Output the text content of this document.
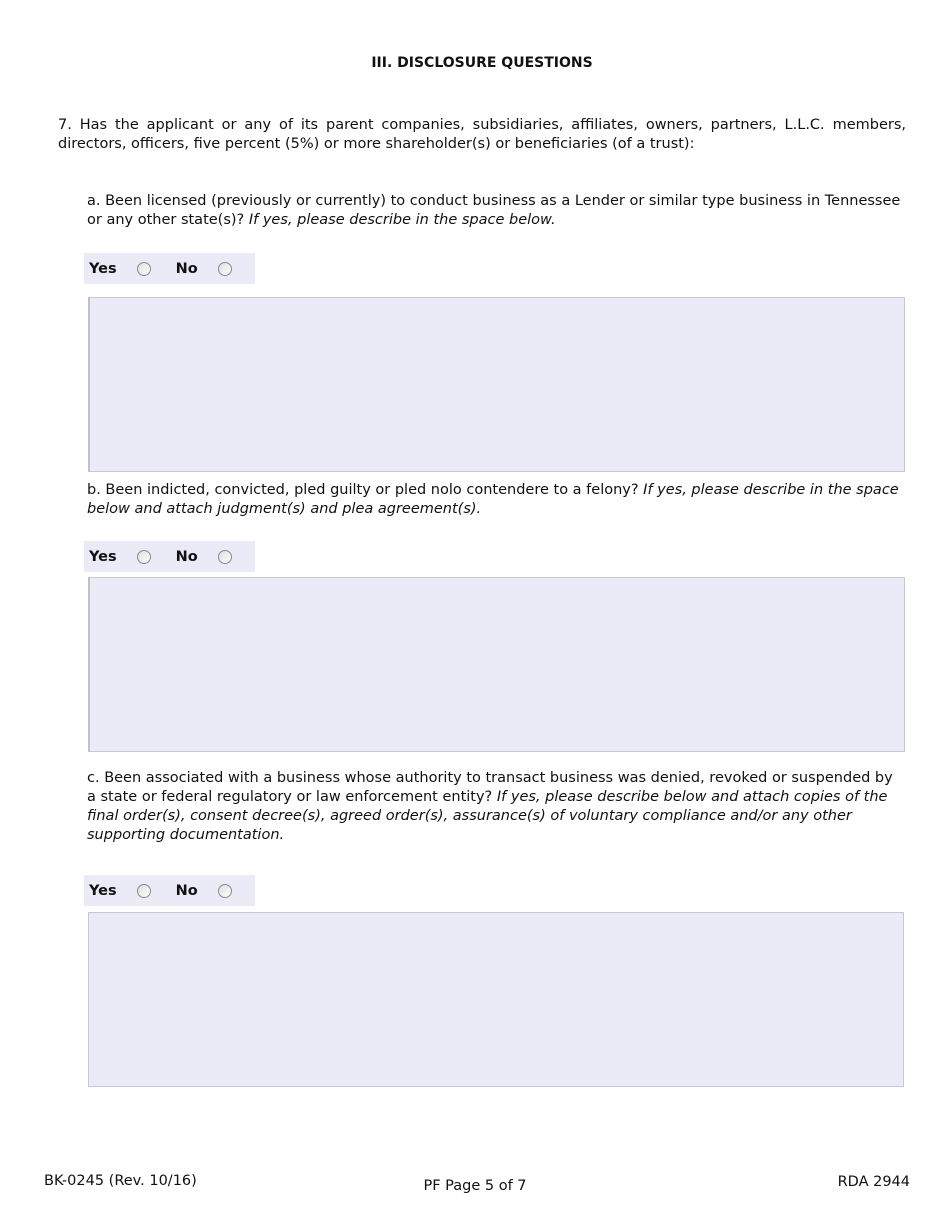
III. DISCLOSURE QUESTIONS
7. Has the applicant or any of its parent companies, subsidiaries, affiliates, owners, partners, L.L.C. members, directors, officers, five percent (5%) or more shareholder(s) or beneficiaries (of a trust):
a. Been licensed (previously or currently) to conduct business as a Lender or similar type business in Tennessee or any other state(s)? If yes, please describe in the space below.
Yes	No
b. Been indicted, convicted, pled guilty or pled nolo contendere to a felony? If yes, please describe in the space below and attach judgment(s) and plea agreement(s).
Yes	No
c. Been associated with a business whose authority to transact business was denied, revoked or suspended by a state or federal regulatory or law enforcement entity? If yes, please describe below and attach copies of the final order(s), consent decree(s), agreed order(s), assurance(s) of voluntary compliance and/or any other supporting documentation.
Yes	No
BK-0245 (Rev. 10/16)	PF Page 5 of 7	RDA 2944
